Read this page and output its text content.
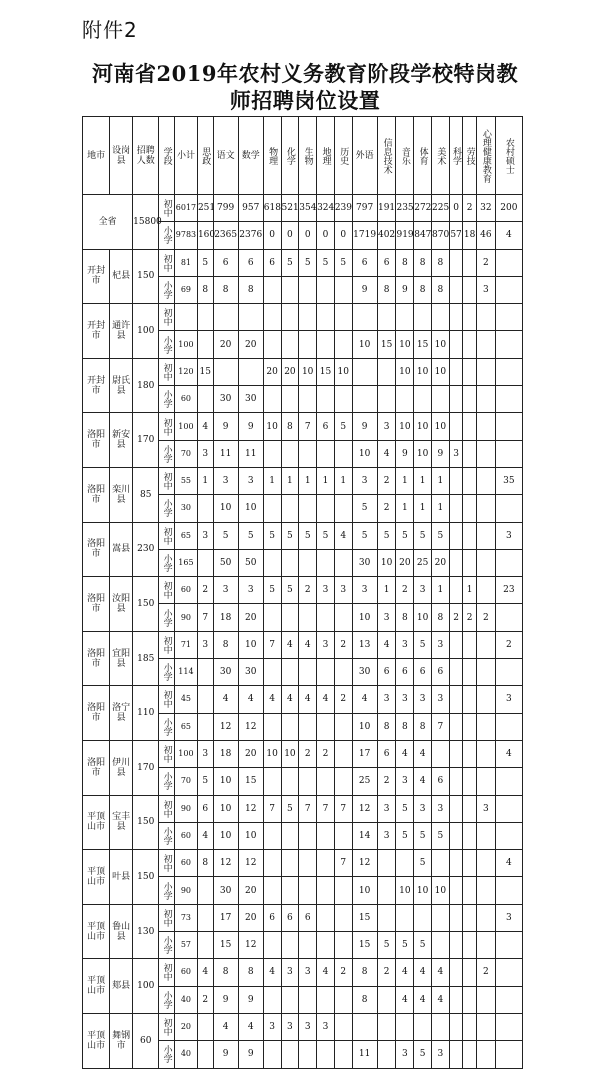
附件2
河南省2019年农村义务教育阶段学校特岗教
师招聘岗位设置
地市	设岗县	招聘人数	学段	小计	思政	语文	数学	物理	化学	生物	地理	历史	外语	信息技术	音乐	体育	美术	科学	劳技	心理健康教育	农村硕士

全省		15800	初中	6017	251	799	957	618	521	354	324	239	797	191	235	272	225	0	2	32	200

			小学	9783	160	2365	2376	0	0	0	0	0	1719	402	919	847	870	57	18	46	4

开封市	杞县	150	初中	81	5	6	6	6	5	5	5	5	6	6	8	8	8			2	

			小学	69	8	8	8						9	8	9	8	8			3	

开封市	通许县	100	初中																		

			小学	100		20	20						10	15	10	15	10				

开封市	尉氏县	180	初中	120	15			20	20	10	15	10			10	10	10				

			小学	60		30	30														

洛阳市	新安县	170	初中	100	4	9	9	10	8	7	6	5	9	3	10	10	10				

			小学	70	3	11	11						10	4	9	10	9	3			

洛阳市	栾川县	85	初中	55	1	3	3	1	1	1	1	1	3	2	1	1	1				35

			小学	30		10	10						5	2	1	1	1				

洛阳市	嵩县	230	初中	65	3	5	5	5	5	5	5	4	5	5	5	5	5				3

			小学	165		50	50						30	10	20	25	20				

洛阳市	汝阳县	150	初中	60	2	3	3	5	5	2	3	3	3	1	2	3	1		1		23

			小学	90	7	18	20						10	3	8	10	8	2	2	2	

洛阳市	宜阳县	185	初中	71	3	8	10	7	4	4	3	2	13	4	3	5	3				2

			小学	114		30	30						30	6	6	6	6				

洛阳市	洛宁县	110	初中	45		4	4	4	4	4	4	2	4	3	3	3	3				3

			小学	65		12	12						10	8	8	8	7				

洛阳市	伊川县	170	初中	100	3	18	20	10	10	2	2		17	6	4	4					4

			小学	70	5	10	15						25	2	3	4	6				

平顶山市	宝丰县	150	初中	90	6	10	12	7	5	7	7	7	12	3	5	3	3			3	

			小学	60	4	10	10						14	3	5	5	5				

平顶山市	叶县	150	初中	60	8	12	12					7	12			5					4

			小学	90		30	20						10		10	10	10				

平顶山市	鲁山县	130	初中	73		17	20	6	6	6			15								3

			小学	57		15	12						15	5	5	5					

平顶山市	郏县	100	初中	60	4	8	8	4	3	3	4	2	8	2	4	4	4			2	

			小学	40	2	9	9						8		4	4	4				

平顶山市	舞钢市	60	初中	20		4	4	3	3	3	3										

			小学	40		9	9						11		3	5	3				
